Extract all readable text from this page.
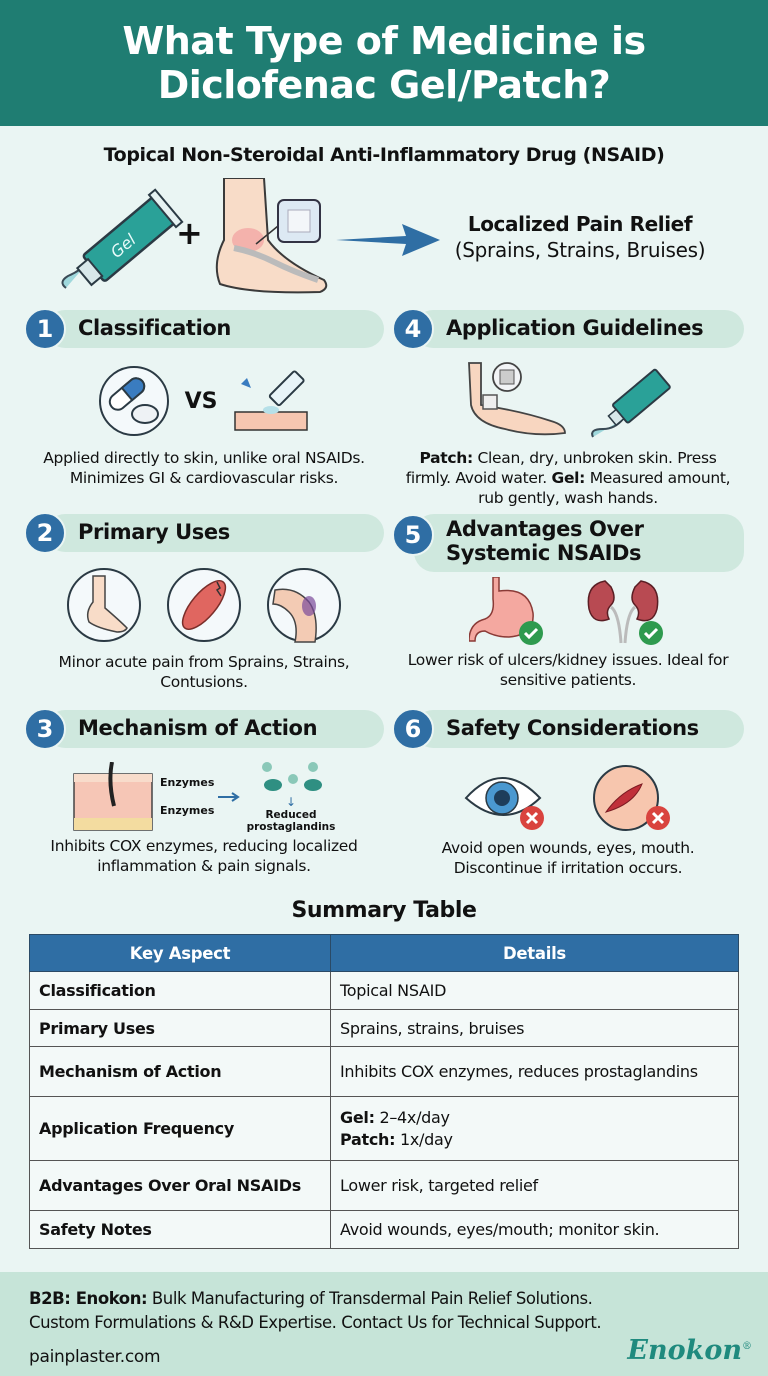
What Type of Medicine is Diclofenac Gel/Patch?
Topical Non-Steroidal Anti-Inflammatory Drug (NSAID)
Gel +	Localized Pain Relief
(Sprains, Strains, Bruises)
1	Classification
VS
Applied directly to skin, unlike oral NSAIDs. Minimizes GI & cardiovascular risks.
4	Application Guidelines
Patch: Clean, dry, unbroken skin. Press firmly. Avoid water. Gel: Measured amount, rub gently, wash hands.
2	Primary Uses
Minor acute pain from Sprains, Strains, Contusions.
5	Advantages Over Systemic NSAIDs
Lower risk of ulcers/kidney issues. Ideal for sensitive patients.
3	Mechanism of Action
Enzymes
Enzymes
↓
Reduced prostaglandins
Inhibits COX enzymes, reducing localized inflammation & pain signals.
6	Safety Considerations
Avoid open wounds, eyes, mouth. Discontinue if irritation occurs.
Summary Table
Key Aspect	Details
Classification	Topical NSAID
Primary Uses	Sprains, strains, bruises
Mechanism of Action	Inhibits COX enzymes, reduces prostaglandins
Application Frequency	Gel: 2–4x/day
Patch: 1x/day

Advantages Over Oral NSAIDs	Lower risk, targeted relief
Safety Notes	Avoid wounds, eyes/mouth; monitor skin.
B2B: Enokon: Bulk Manufacturing of Transdermal Pain Relief Solutions.
Custom Formulations & R&D Expertise. Contact Us for Technical Support.
painplaster.com	Enokon®
